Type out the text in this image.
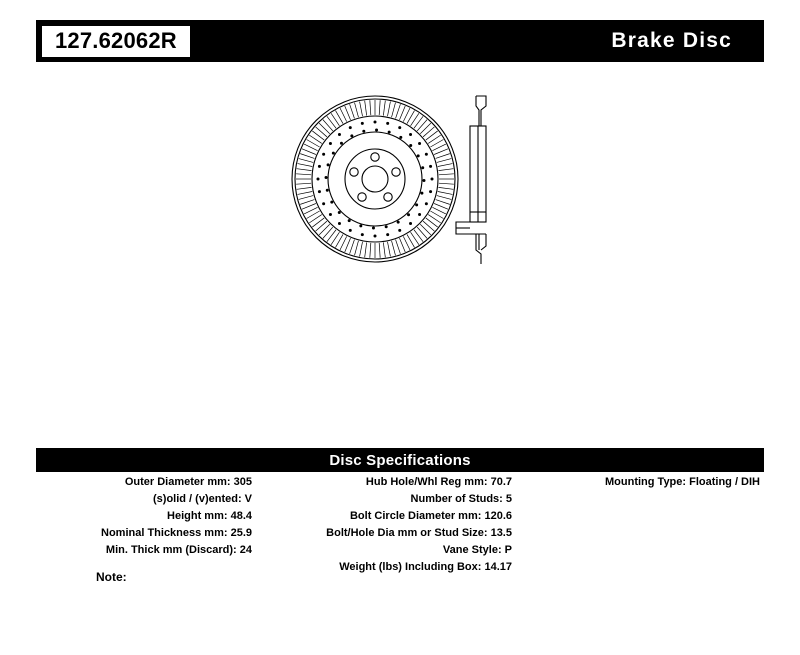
127.62062R	Brake Disc
Disc Specifications
Outer Diameter mm: 305
(s)olid / (v)ented: V
Height mm: 48.4
Nominal Thickness mm: 25.9
Min. Thick mm (Discard): 24
Hub Hole/Whl Reg mm: 70.7
Number of Studs: 5
Bolt Circle Diameter mm: 120.6
Bolt/Hole Dia mm or Stud Size: 13.5
Vane Style: P
Weight (lbs) Including Box: 14.17
Mounting Type: Floating / DIH
Note:
